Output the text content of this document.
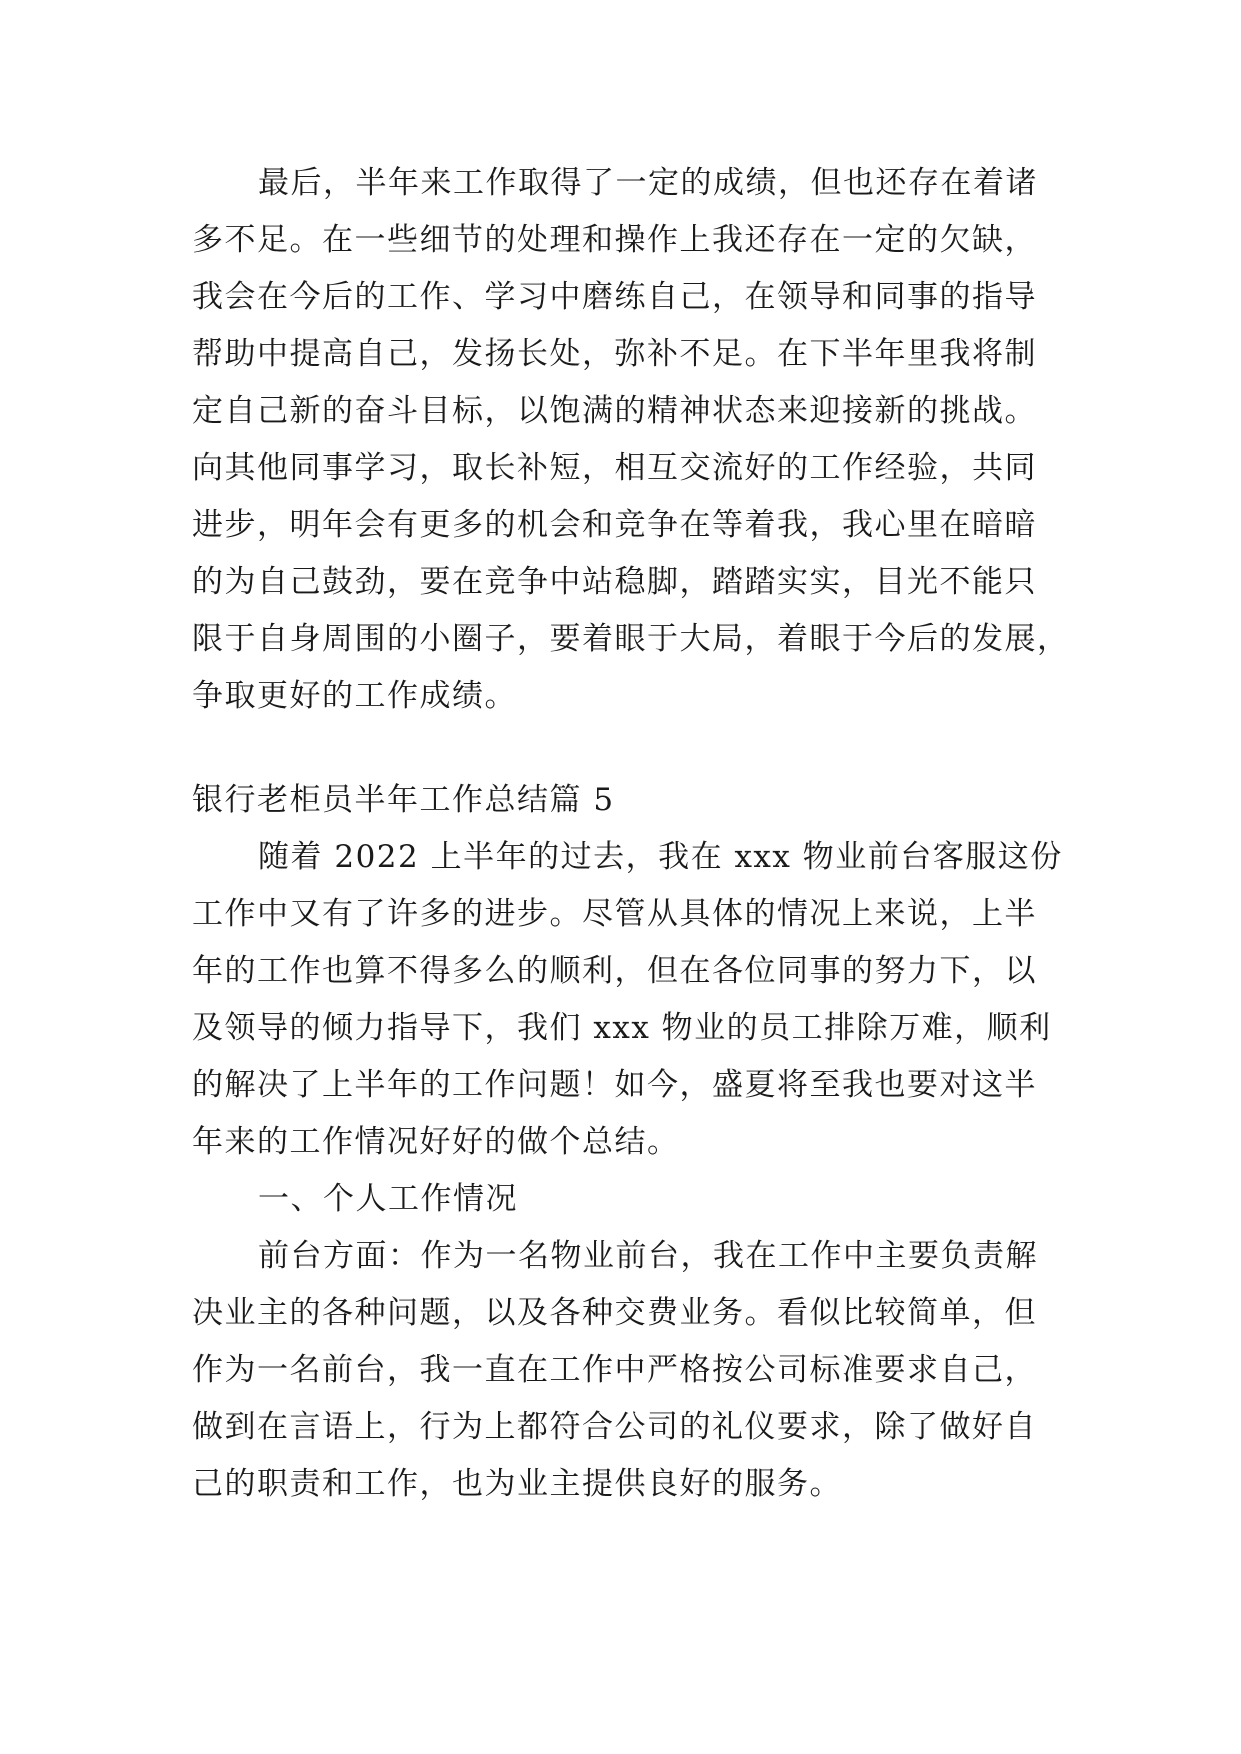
最后，半年来工作取得了一定的成绩，但也还存在着诸
多不足。在一些细节的处理和操作上我还存在一定的欠缺，
我会在今后的工作、学习中磨练自己，在领导和同事的指导
帮助中提高自己，发扬长处，弥补不足。在下半年里我将制
定自己新的奋斗目标，以饱满的精神状态来迎接新的挑战。
向其他同事学习，取长补短，相互交流好的工作经验，共同
进步，明年会有更多的机会和竞争在等着我，我心里在暗暗
的为自己鼓劲，要在竞争中站稳脚，踏踏实实，目光不能只
限于自身周围的小圈子，要着眼于大局，着眼于今后的发展，
争取更好的工作成绩。
银行老柜员半年工作总结篇 5
随着 2022 上半年的过去，我在 xxx 物业前台客服这份
工作中又有了许多的进步。尽管从具体的情况上来说，上半
年的工作也算不得多么的顺利，但在各位同事的努力下，以
及领导的倾力指导下，我们 xxx 物业的员工排除万难，顺利
的解决了上半年的工作问题！如今，盛夏将至我也要对这半
年来的工作情况好好的做个总结。
一、个人工作情况
前台方面：作为一名物业前台，我在工作中主要负责解
决业主的各种问题，以及各种交费业务。看似比较简单，但
作为一名前台，我一直在工作中严格按公司标准要求自己，
做到在言语上，行为上都符合公司的礼仪要求，除了做好自
己的职责和工作，也为业主提供良好的服务。
